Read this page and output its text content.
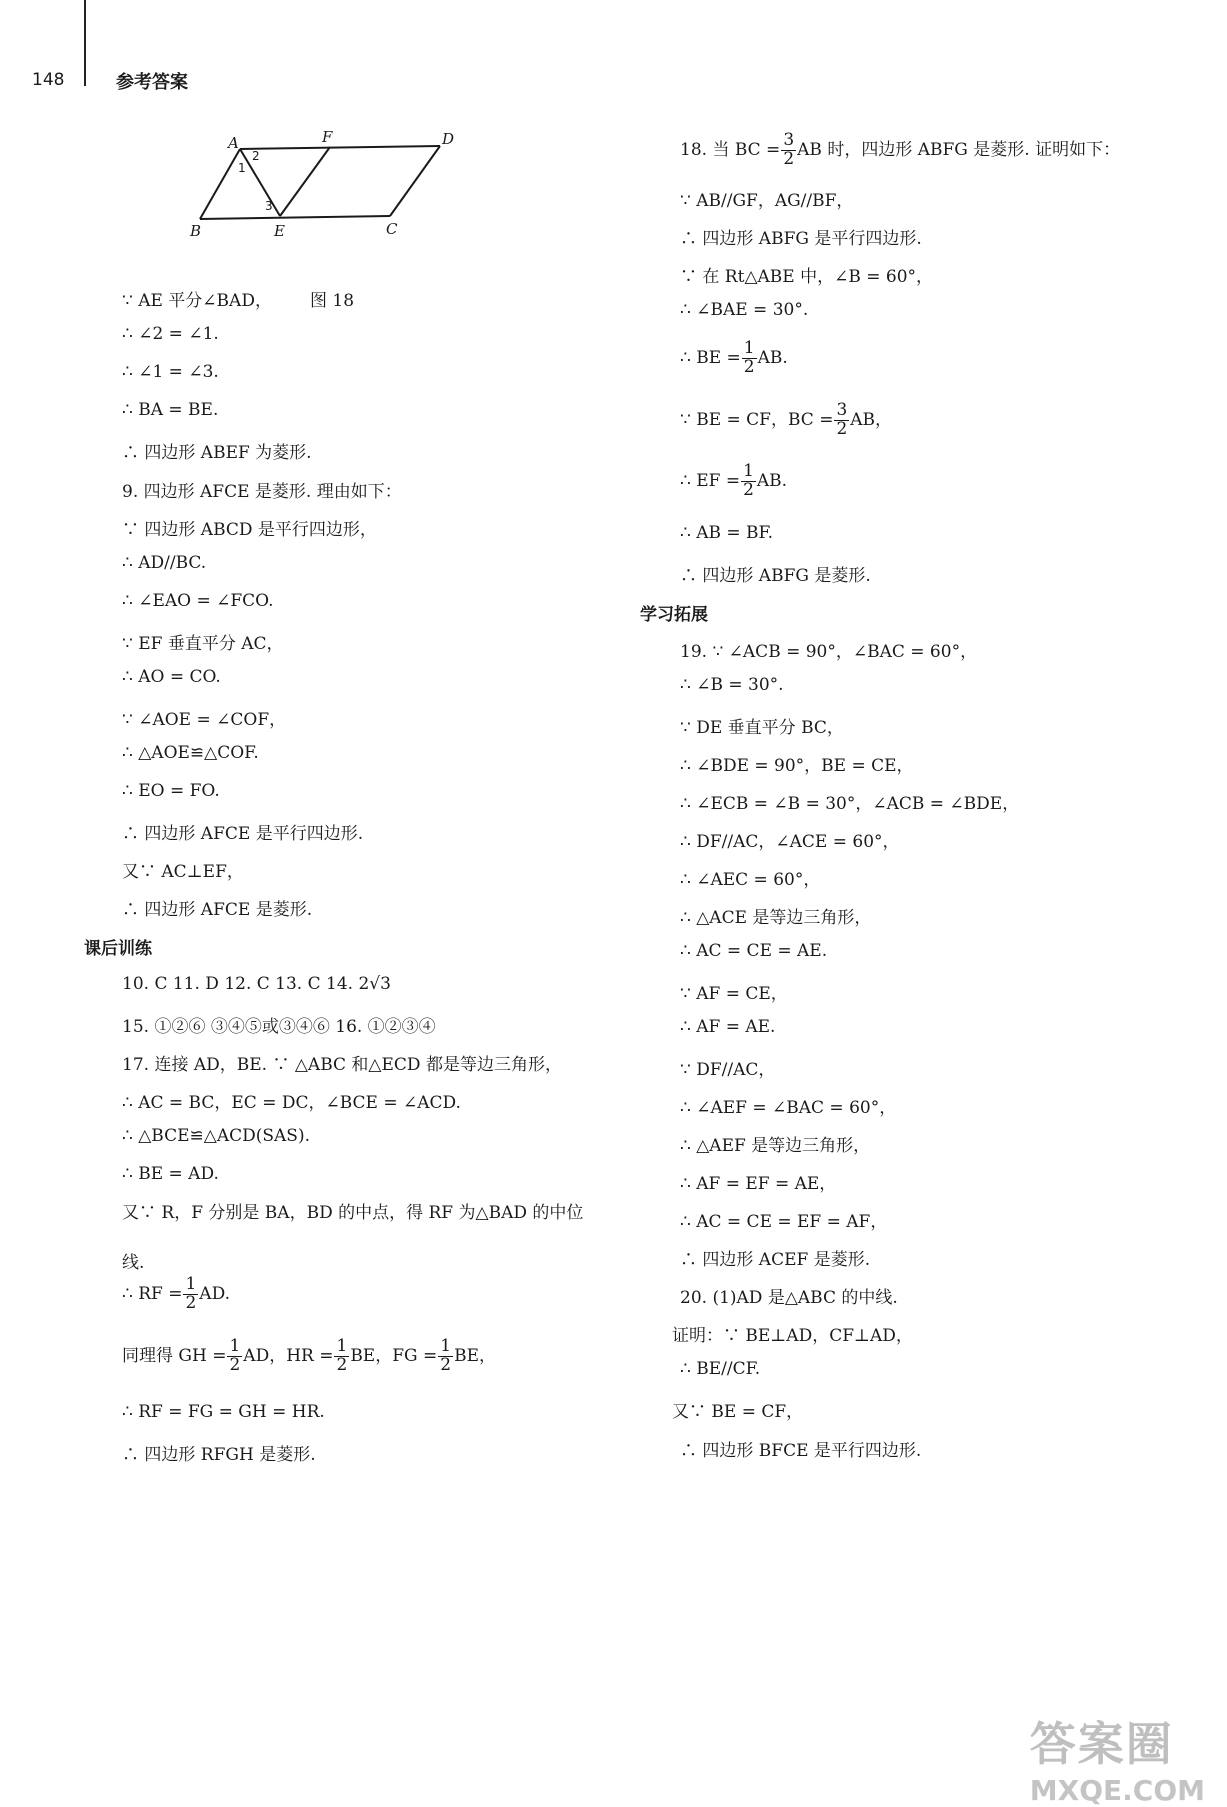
148	参考答案
A	F	D
B	E	C
1
2
3
图 18
∵ AE 平分∠BAD，
∴ ∠2 = ∠1.
∴ ∠1 = ∠3.
∴ BA = BE.
∴ 四边形 ABEF 为菱形.
9. 四边形 AFCE 是菱形. 理由如下：
∵ 四边形 ABCD 是平行四边形，
∴ AD//BC.
∴ ∠EAO = ∠FCO.
∵ EF 垂直平分 AC，
∴ AO = CO.
∵ ∠AOE = ∠COF，
∴ △AOE≌△COF.
∴ EO = FO.
∴ 四边形 AFCE 是平行四边形.
又∵ AC⊥EF，
∴ 四边形 AFCE 是菱形.
课后训练
10. C 11. D 12. C 13. C 14. 2√3
15. ①②⑥ ③④⑤或③④⑥ 16. ①②③④
17. 连接 AD，BE. ∵ △ABC 和△ECD 都是等边三角形，
∴ AC = BC，EC = DC，∠BCE = ∠ACD.
∴ △BCE≌△ACD(SAS).
∴ BE = AD.
又∵ R，F 分别是 BA，BD 的中点，得 RF 为△BAD 的中位线.
∴ RF = $\frac{1}{2}$ AD.
同理得 GH = $\frac{1}{2}$ AD，HR = $\frac{1}{2}$ BE，FG = $\frac{1}{2}$ BE，
∴ RF = FG = GH = HR.
∴ 四边形 RFGH 是菱形.
18. 当 BC = $\frac{3}{2}$ AB 时，四边形 ABFG 是菱形. 证明如下：
∵ AB//GF，AG//BF，
∴ 四边形 ABFG 是平行四边形.
∵ 在 Rt△ABE 中，∠B = 60°，
∴ ∠BAE = 30°.
∴ BE = $\frac{1}{2}$ AB.
∵ BE = CF，BC = $\frac{3}{2}$ AB，
∴ EF = $\frac{1}{2}$ AB.
∴ AB = BF.
∴ 四边形 ABFG 是菱形.
学习拓展
19. ∵ ∠ACB = 90°，∠BAC = 60°，
∴ ∠B = 30°.
∵ DE 垂直平分 BC，
∴ ∠BDE = 90°，BE = CE，
∴ ∠ECB = ∠B = 30°，∠ACB = ∠BDE，
∴ DF//AC，∠ACE = 60°，
∴ ∠AEC = 60°，
∴ △ACE 是等边三角形，
∴ AC = CE = AE.
∵ AF = CE，
∴ AF = AE.
∵ DF//AC，
∴ ∠AEF = ∠BAC = 60°，
∴ △AEF 是等边三角形，
∴ AF = EF = AE，
∴ AC = CE = EF = AF，
∴ 四边形 ACEF 是菱形.
20. (1)AD 是△ABC 的中线.
证明：∵ BE⊥AD，CF⊥AD，
∴ BE//CF.
又∵ BE = CF，
∴ 四边形 BFCE 是平行四边形.
答案圈
MXQE.COM
